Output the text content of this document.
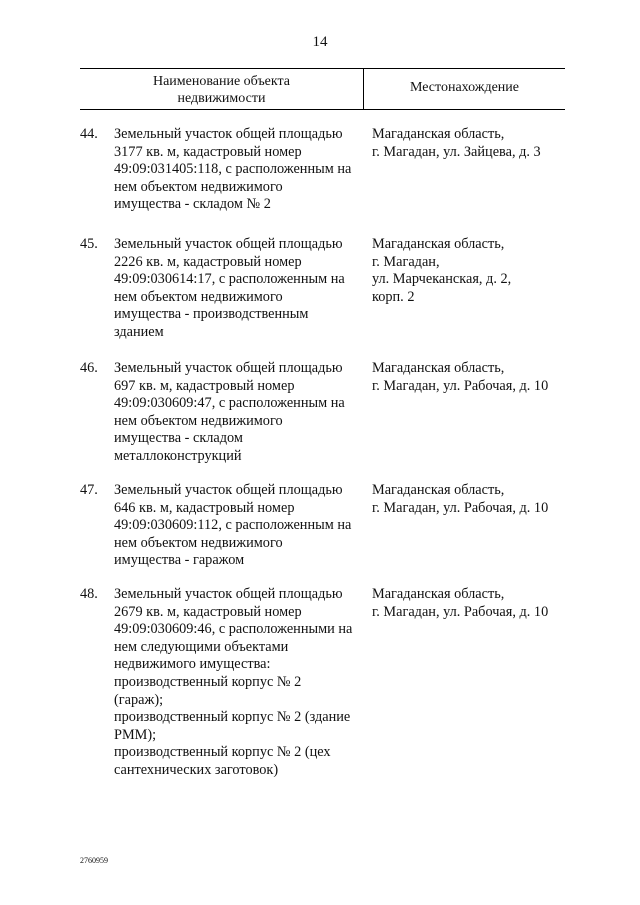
14
Наименование объекта
недвижимости
Местонахождение
44. Земельный участок общей площадью
3177 кв. м, кадастровый номер
49:09:031405:118, с расположенным на
нем объектом недвижимого
имущества - складом № 2
Магаданская область,
г. Магадан, ул. Зайцева, д. 3
45. Земельный участок общей площадью
2226 кв. м, кадастровый номер
49:09:030614:17, с расположенным на
нем объектом недвижимого
имущества - производственным
зданием
Магаданская область,
г. Магадан,
ул. Марчеканская, д. 2,
корп. 2
46. Земельный участок общей площадью
697 кв. м, кадастровый номер
49:09:030609:47, с расположенным на
нем объектом недвижимого
имущества - складом
металлоконструкций
Магаданская область,
г. Магадан, ул. Рабочая, д. 10
47. Земельный участок общей площадью
646 кв. м, кадастровый номер
49:09:030609:112, с расположенным на
нем объектом недвижимого
имущества - гаражом
Магаданская область,
г. Магадан, ул. Рабочая, д. 10
48. Земельный участок общей площадью
2679 кв. м, кадастровый номер
49:09:030609:46, с расположенными на
нем следующими объектами
недвижимого имущества:
производственный корпус № 2
(гараж);
производственный корпус № 2 (здание
РММ);
производственный корпус № 2 (цех
сантехнических заготовок)
Магаданская область,
г. Магадан, ул. Рабочая, д. 10
2760959
